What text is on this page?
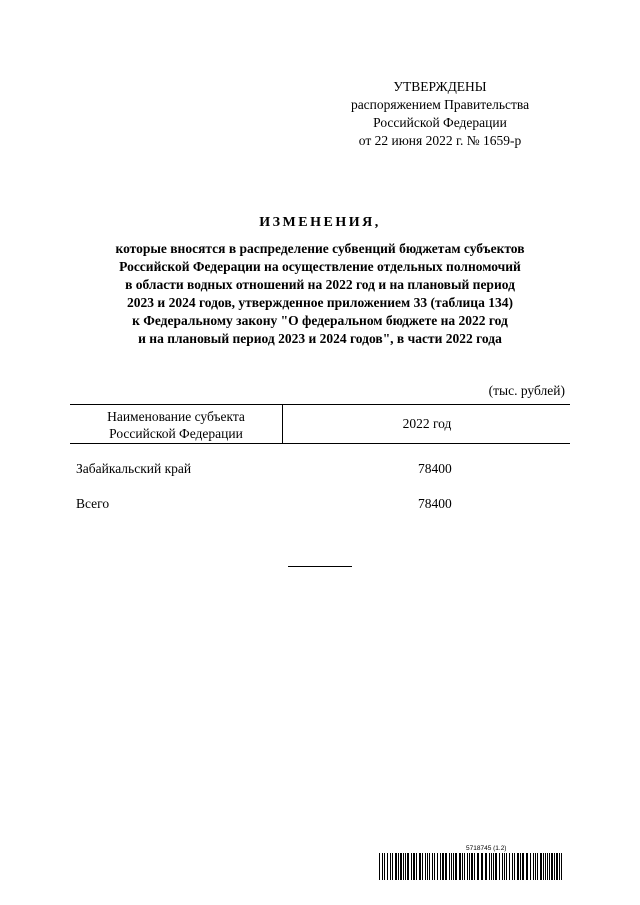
УТВЕРЖДЕНЫ
распоряжением Правительства
Российской Федерации
от 22 июня 2022 г. № 1659-р
ИЗМЕНЕНИЯ,
которые вносятся в распределение субвенций бюджетам субъектов
Российской Федерации на осуществление отдельных полномочий
в области водных отношений на 2022 год и на плановый период
2023 и 2024 годов, утвержденное приложением 33 (таблица 134)
к Федеральному закону "О федеральном бюджете на 2022 год
и на плановый период 2023 и 2024 годов", в части 2022 года
(тыс. рублей)
Наименование субъекта
Российской Федерации
2022 год
Забайкальский край	78400
Всего	78400
5718745 (1.2)
